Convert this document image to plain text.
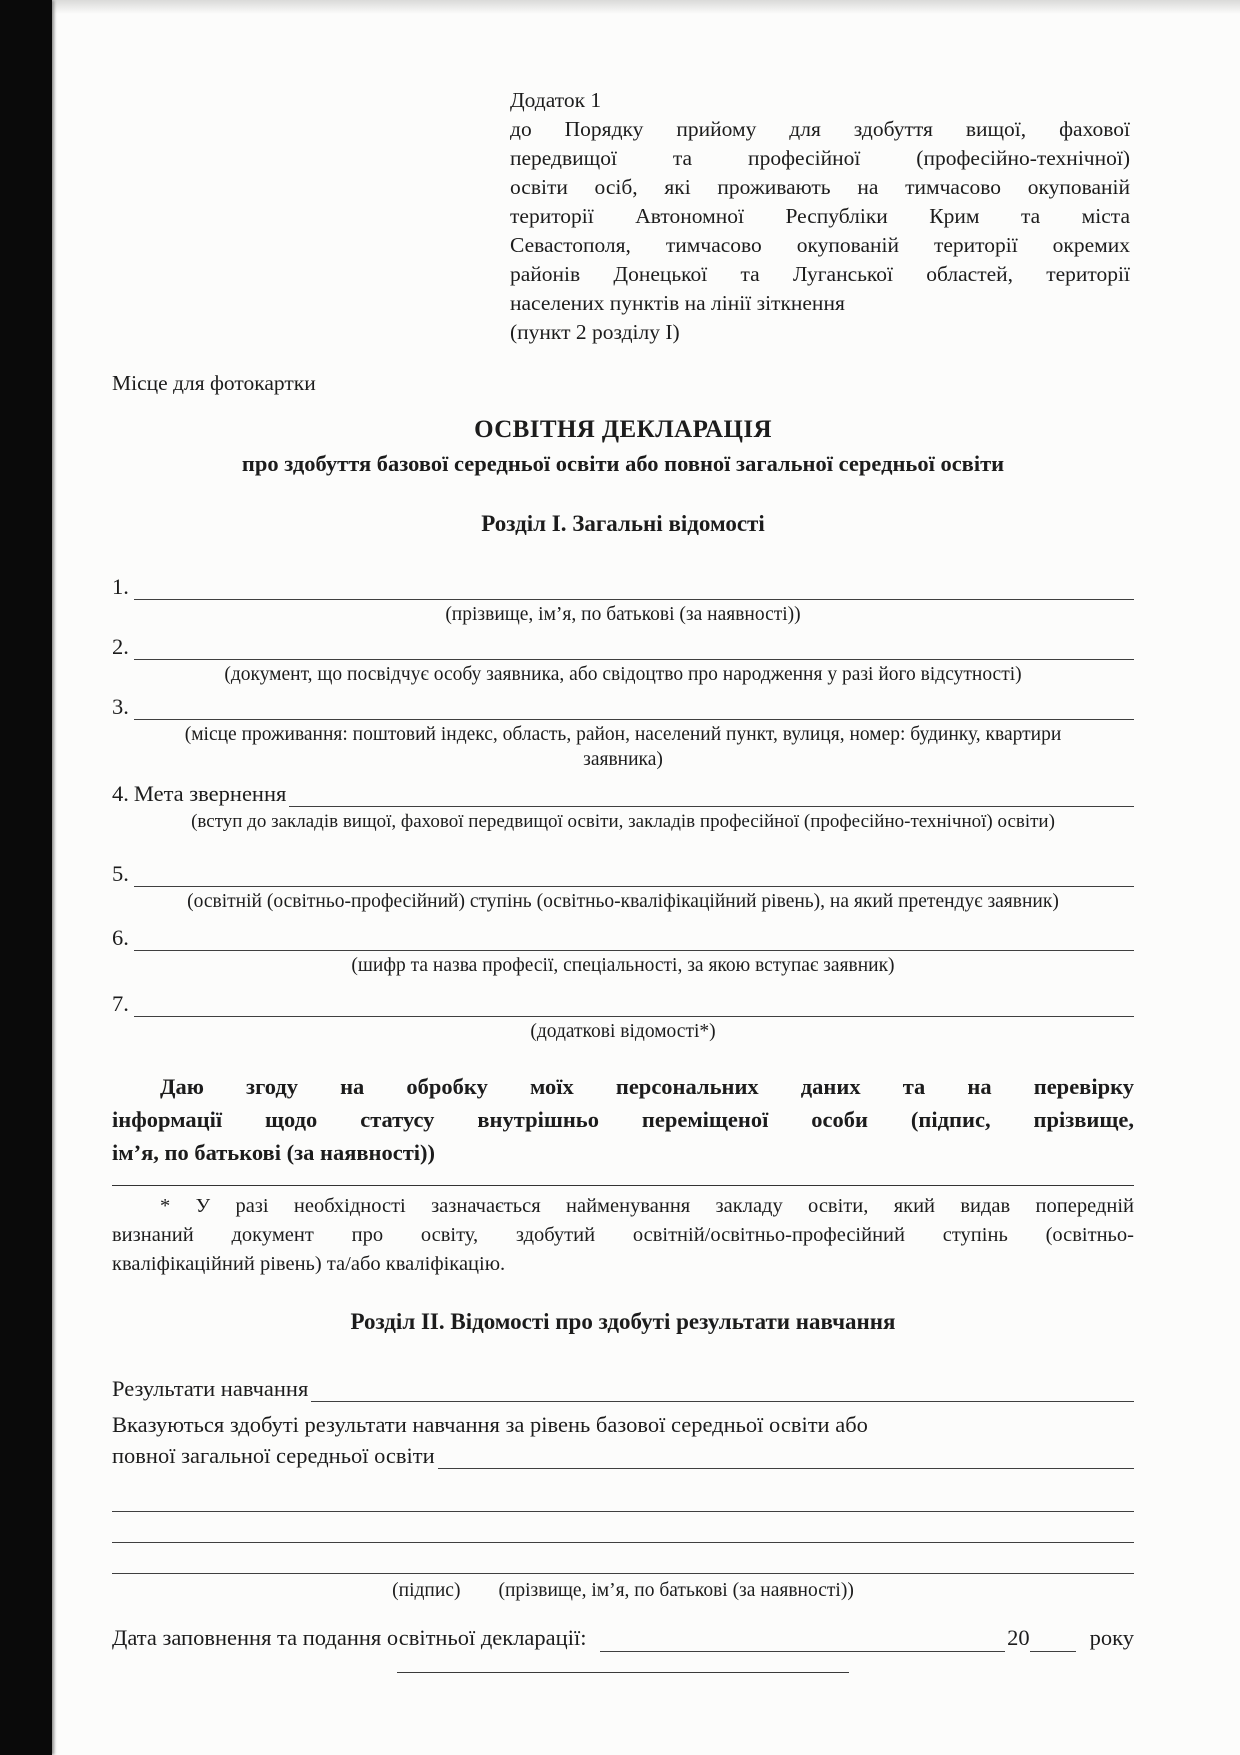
Додаток 1
до Порядку прийому для здобуття вищої, фахової
передвищої та професійної (професійно-технічної)
освіти осіб, які проживають на тимчасово окупованій
території Автономної Республіки Крим та міста
Севастополя, тимчасово окупованій території окремих
районів Донецької та Луганської областей, території
населених пунктів на лінії зіткнення
(пункт 2 розділу I)
Місце для фотокартки
ОСВІТНЯ ДЕКЛАРАЦІЯ
про здобуття базової середньої освіти або повної загальної середньої освіти
Розділ I. Загальні відомості
1.
(прізвище, ім’я, по батькові (за наявності))
2.
(документ, що посвідчує особу заявника, або свідоцтво про народження у разі його відсутності)
3.
(місце проживання: поштовий індекс, область, район, населений пункт, вулиця, номер: будинку, квартири заявника)
4. Мета звернення
(вступ до закладів вищої, фахової передвищої освіти, закладів професійної (професійно-технічної) освіти)
5.
(освітній (освітньо-професійний) ступінь (освітньо-кваліфікаційний рівень), на який претендує заявник)
6.
(шифр та назва професії, спеціальності, за якою вступає заявник)
7.
(додаткові відомості*)
Даю згоду на обробку моїх персональних даних та на перевірку
інформації щодо статусу внутрішньо переміщеної особи (підпис, прізвище,
ім’я, по батькові (за наявності))
* У разі необхідності зазначається найменування закладу освіти, який видав попередній
визнаний документ про освіту, здобутий освітній/освітньо-професійний ступінь (освітньо-
кваліфікаційний рівень) та/або кваліфікацію.
Розділ II. Відомості про здобуті результати навчання
Результати навчання
Вказуються здобуті результати навчання за рівень базової середньої освіти або
повної загальної середньої освіти
(підпис) (прізвище, ім’я, по батькові (за наявності))
Дата заповнення та подання освітньої декларації:	20	року
